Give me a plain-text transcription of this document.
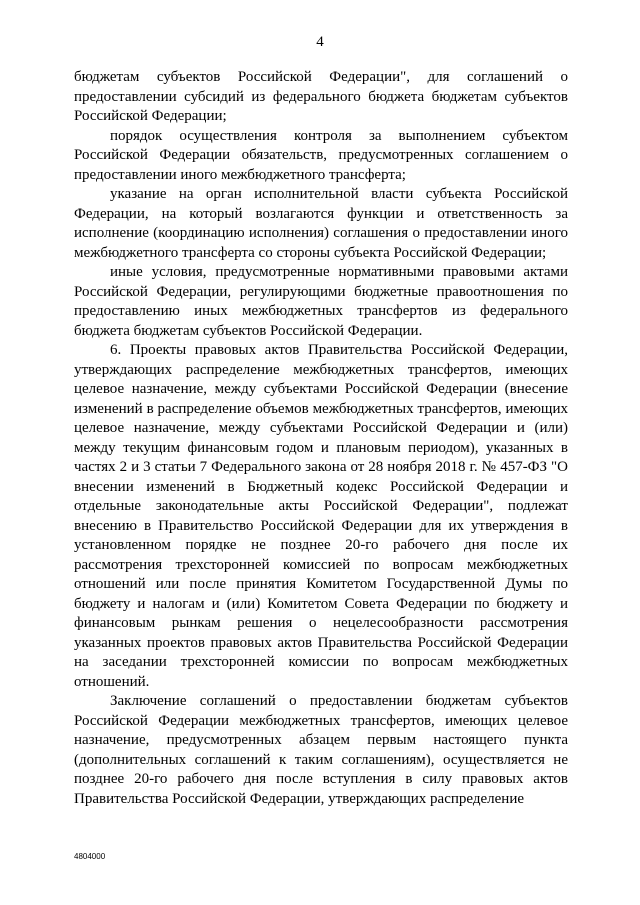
4

бюджетам субъектов Российской Федерации", для соглашений о предоставлении субсидий из федерального бюджета бюджетам субъектов Российской Федерации;

порядок осуществления контроля за выполнением субъектом Российской Федерации обязательств, предусмотренных соглашением о предоставлении иного межбюджетного трансферта;

указание на орган исполнительной власти субъекта Российской Федерации, на который возлагаются функции и ответственность за исполнение (координацию исполнения) соглашения о предоставлении иного межбюджетного трансферта со стороны субъекта Российской Федерации;

иные условия, предусмотренные нормативными правовыми актами Российской Федерации, регулирующими бюджетные правоотношения по предоставлению иных межбюджетных трансфертов из федерального бюджета бюджетам субъектов Российской Федерации.

6. Проекты правовых актов Правительства Российской Федерации, утверждающих распределение межбюджетных трансфертов, имеющих целевое назначение, между субъектами Российской Федерации (внесение изменений в распределение объемов межбюджетных трансфертов, имеющих целевое назначение, между субъектами Российской Федерации и (или) между текущим финансовым годом и плановым периодом), указанных в частях 2 и 3 статьи 7 Федерального закона от 28 ноября 2018 г. № 457-ФЗ "О внесении изменений в Бюджетный кодекс Российской Федерации и отдельные законодательные акты Российской Федерации", подлежат внесению в Правительство Российской Федерации для их утверждения в установленном порядке не позднее 20-го рабочего дня после их рассмотрения трехсторонней комиссией по вопросам межбюджетных отношений или после принятия Комитетом Государственной Думы по бюджету и налогам и (или) Комитетом Совета Федерации по бюджету и финансовым рынкам решения о нецелесообразности рассмотрения указанных проектов правовых актов Правительства Российской Федерации на заседании трехсторонней комиссии по вопросам межбюджетных отношений.

Заключение соглашений о предоставлении бюджетам субъектов Российской Федерации межбюджетных трансфертов, имеющих целевое назначение, предусмотренных абзацем первым настоящего пункта (дополнительных соглашений к таким соглашениям), осуществляется не позднее 20-го рабочего дня после вступления в силу правовых актов Правительства Российской Федерации, утверждающих распределение

4804000
